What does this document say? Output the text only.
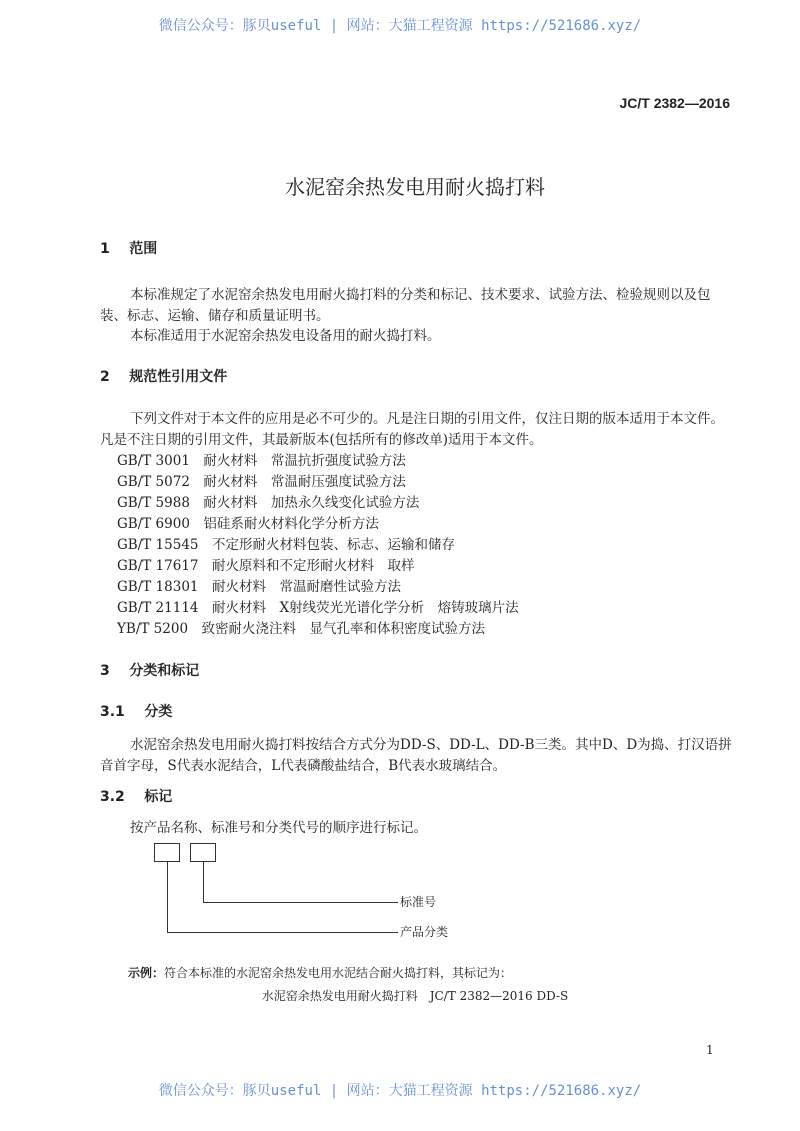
微信公众号：豚贝useful | 网站：大猫工程资源 https://521686.xyz/
JC/T 2382—2016
水泥窑余热发电用耐火捣打料
1 范围
本标准规定了水泥窑余热发电用耐火捣打料的分类和标记、技术要求、试验方法、检验规则以及包
装、标志、运输、储存和质量证明书。
本标准适用于水泥窑余热发电设备用的耐火捣打料。
2 规范性引用文件
下列文件对于本文件的应用是必不可少的。凡是注日期的引用文件，仅注日期的版本适用于本文件。
凡是不注日期的引用文件，其最新版本(包括所有的修改单)适用于本文件。
GB/T 3001　耐火材料　常温抗折强度试验方法
GB/T 5072　耐火材料　常温耐压强度试验方法
GB/T 5988　耐火材料　加热永久线变化试验方法
GB/T 6900　铝硅系耐火材料化学分析方法
GB/T 15545　不定形耐火材料包装、标志、运输和储存
GB/T 17617　耐火原料和不定形耐火材料　取样
GB/T 18301　耐火材料　常温耐磨性试验方法
GB/T 21114　耐火材料　X射线荧光光谱化学分析　熔铸玻璃片法
YB/T 5200　致密耐火浇注料　显气孔率和体积密度试验方法
3 分类和标记
3.1 分类
水泥窑余热发电用耐火捣打料按结合方式分为DD-S、DD-L、DD-B三类。其中D、D为捣、打汉语拼
音首字母，S代表水泥结合，L代表磷酸盐结合，B代表水玻璃结合。
3.2 标记
按产品名称、标准号和分类代号的顺序进行标记。
标准号
产品分类
示例：符合本标准的水泥窑余热发电用水泥结合耐火捣打料，其标记为：
水泥窑余热发电用耐火捣打料　JC/T 2382—2016 DD-S
1
微信公众号：豚贝useful | 网站：大猫工程资源 https://521686.xyz/
